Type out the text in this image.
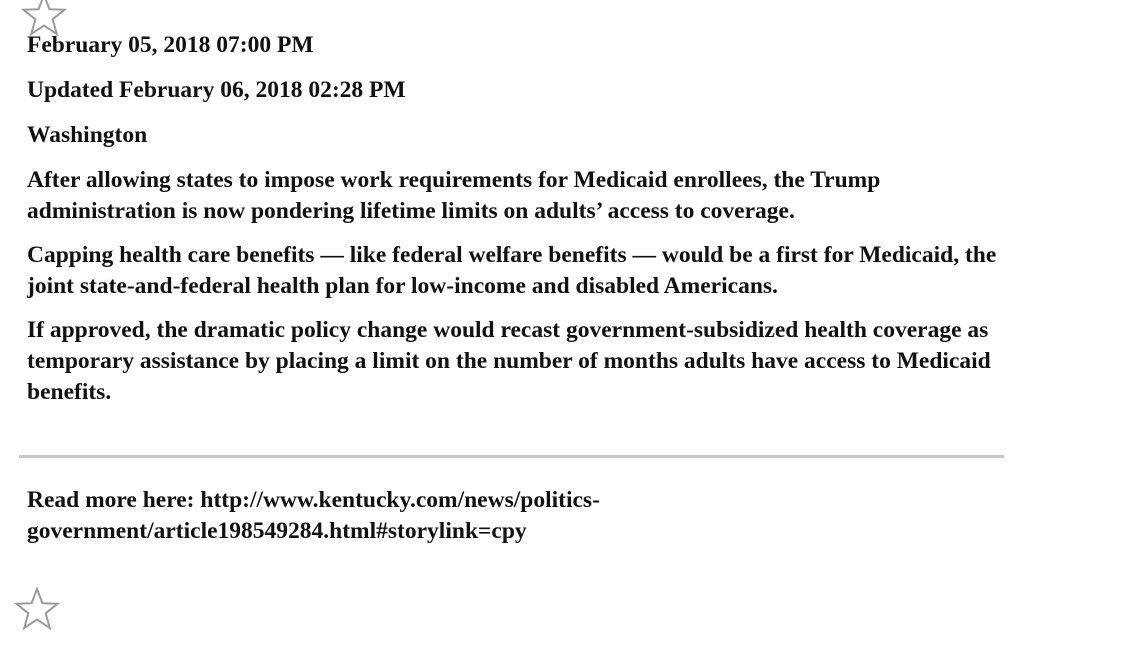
February 05, 2018 07:00 PM

Updated February 06, 2018 02:28 PM

Washington

After allowing states to impose work requirements for Medicaid enrollees, the Trump administration is now pondering lifetime limits on adults’ access to coverage.

Capping health care benefits — like federal welfare benefits — would be a first for Medicaid, the joint state-and-federal health plan for low-income and disabled Americans.

If approved, the dramatic policy change would recast government-subsidized health coverage as temporary assistance by placing a limit on the number of months adults have access to Medicaid benefits.

Read more here: http://www.kentucky.com/news/politics-
government/article198549284.html#storylink=cpy
